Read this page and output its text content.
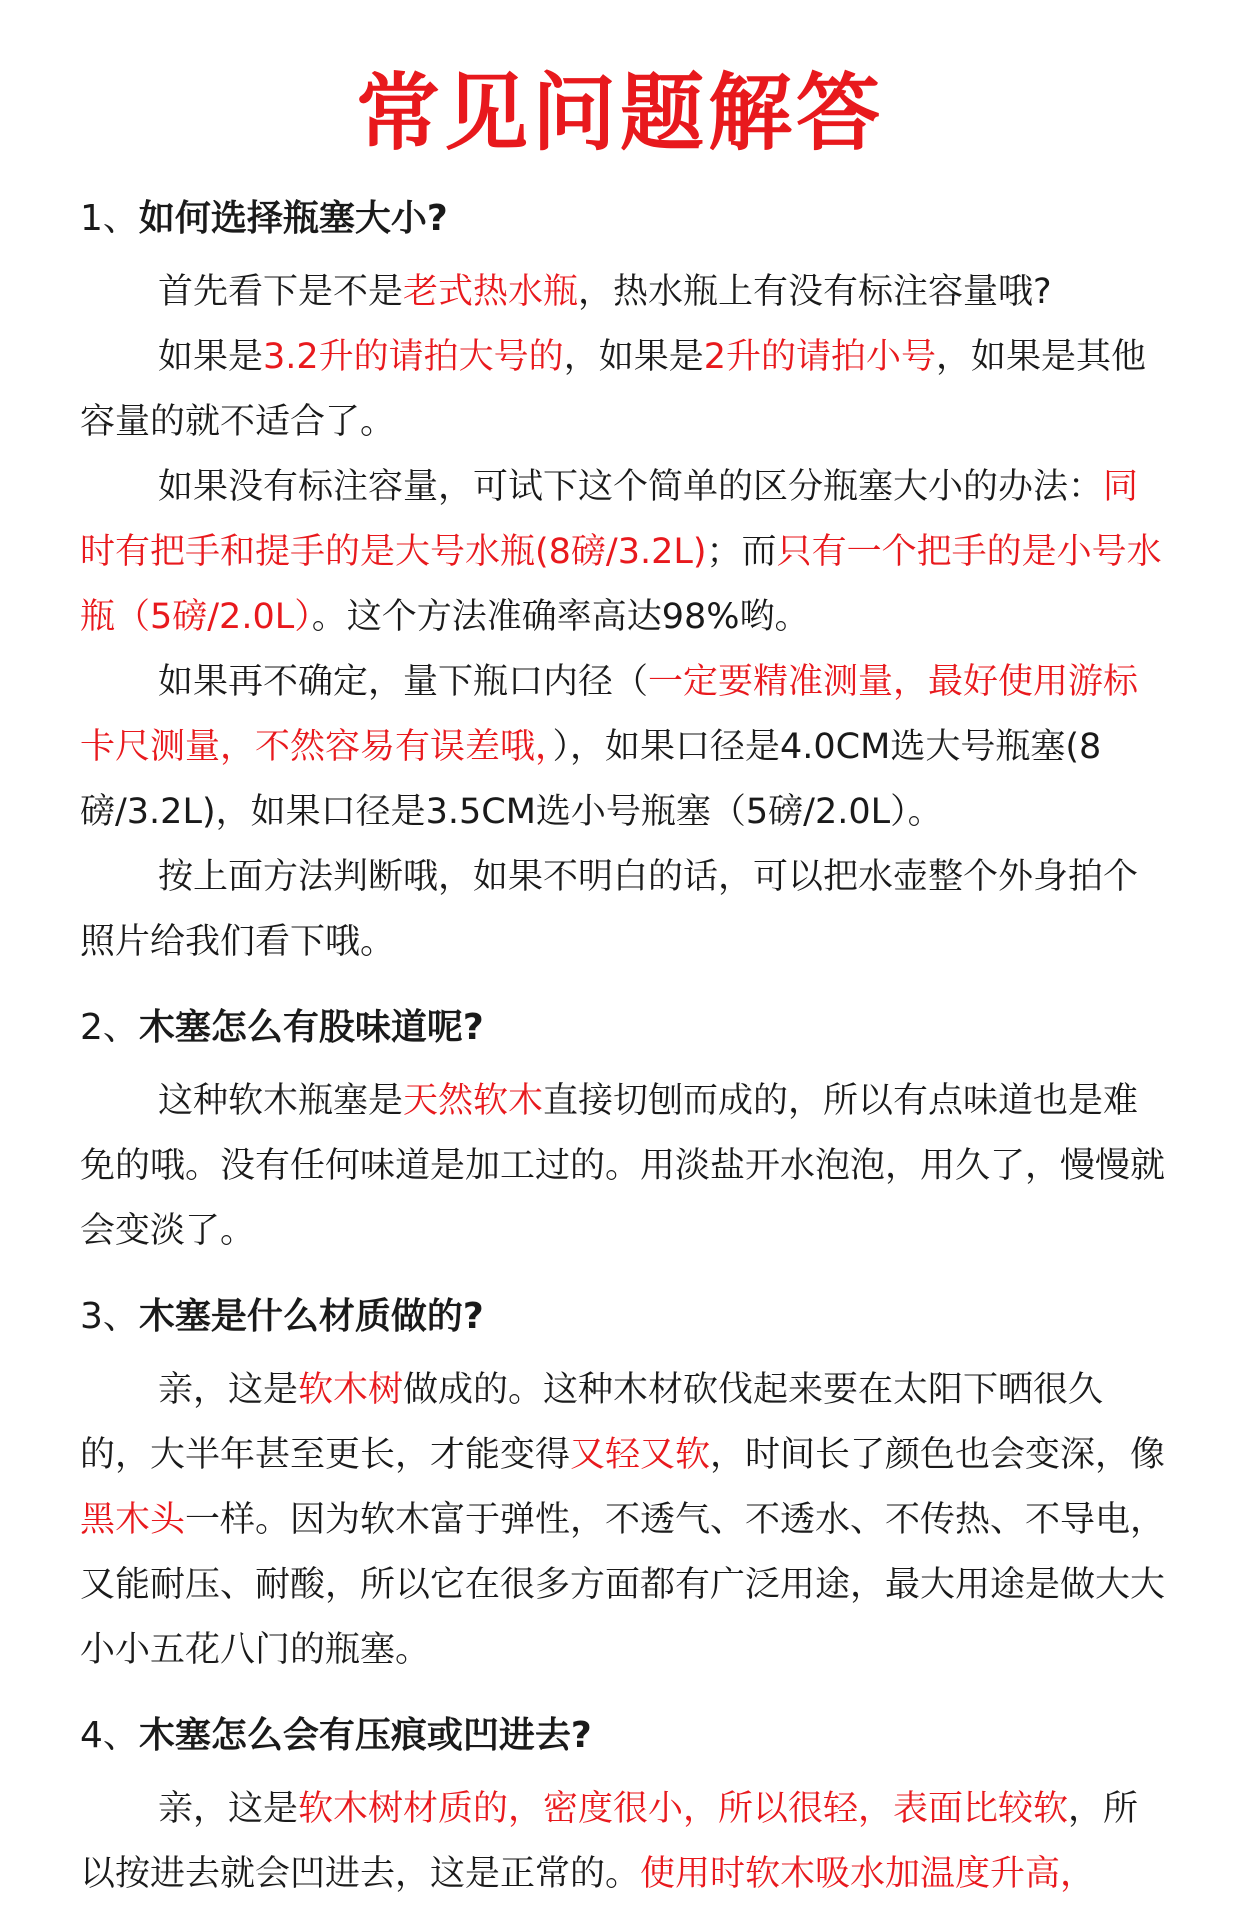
常见问题解答
1、如何选择瓶塞大小?

首先看下是不是老式热水瓶，热水瓶上有没有标注容量哦?

如果是3.2升的请拍大号的，如果是2升的请拍小号，如果是其他容量的就不适合了。

如果没有标注容量，可试下这个简单的区分瓶塞大小的办法：同时有把手和提手的是大号水瓶(8磅/3.2L)；而只有一个把手的是小号水瓶（5磅/2.0L）。这个方法准确率高达98%哟。

如果再不确定，量下瓶口内径（一定要精准测量，最好使用游标卡尺测量，不然容易有误差哦，），如果口径是4.0CM选大号瓶塞(8磅/3.2L)，如果口径是3.5CM选小号瓶塞（5磅/2.0L）。

按上面方法判断哦，如果不明白的话，可以把水壶整个外身拍个照片给我们看下哦。

2、木塞怎么有股味道呢?

这种软木瓶塞是天然软木直接切刨而成的，所以有点味道也是难免的哦。没有任何味道是加工过的。用淡盐开水泡泡，用久了，慢慢就会变淡了。

3、木塞是什么材质做的?

亲，这是软木树做成的。这种木材砍伐起来要在太阳下晒很久的，大半年甚至更长，才能变得又轻又软，时间长了颜色也会变深，像黑木头一样。因为软木富于弹性，不透气、不透水、不传热、不导电，又能耐压、耐酸，所以它在很多方面都有广泛用途，最大用途是做大大小小五花八门的瓶塞。

4、木塞怎么会有压痕或凹进去?

亲，这是软木树材质的，密度很小，所以很轻，表面比较软，所以按进去就会凹进去，这是正常的。使用时软木吸水加温度升高，
